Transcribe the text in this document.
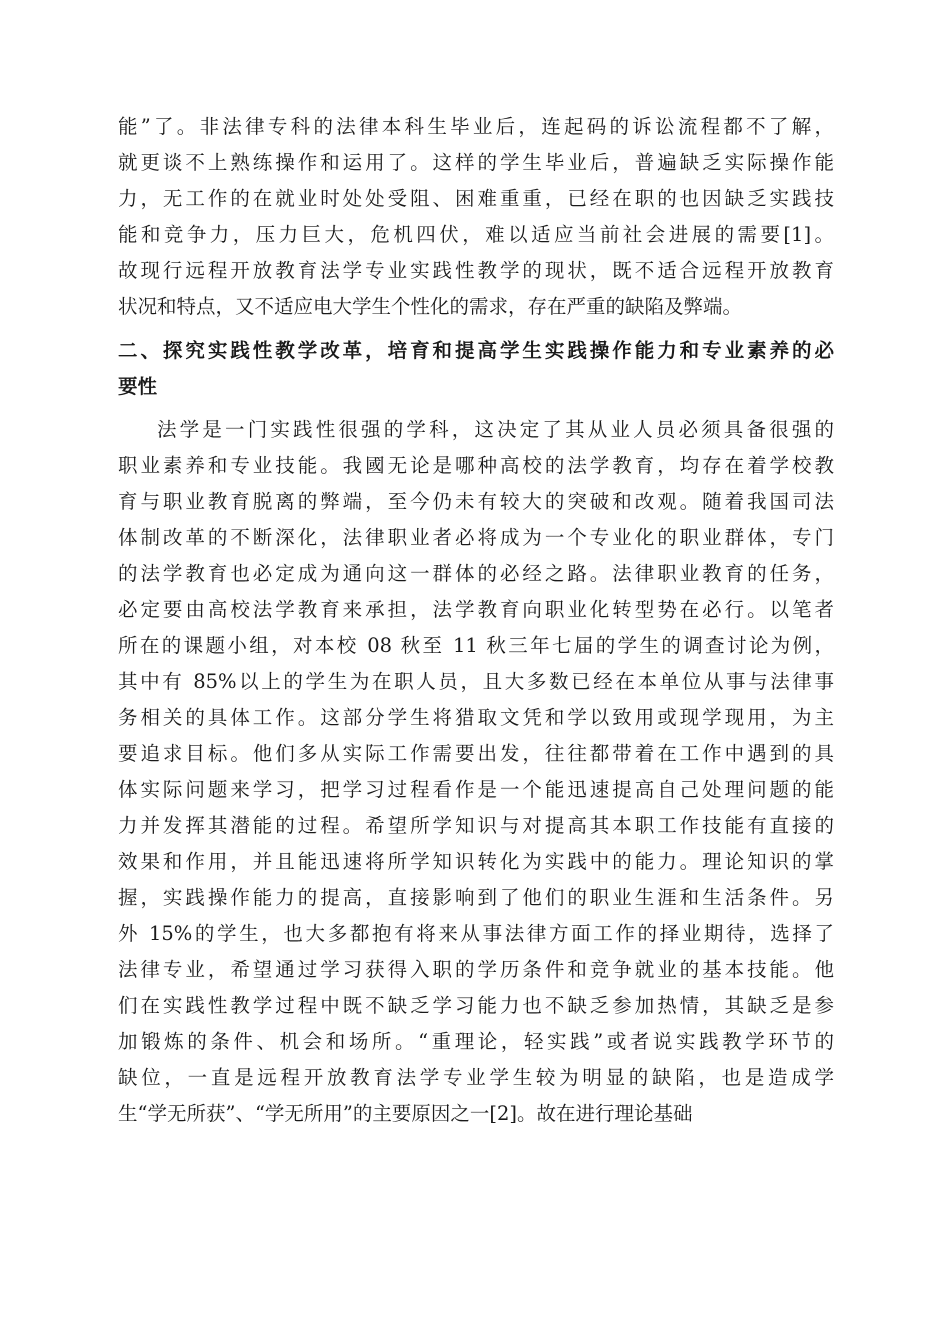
能”了。非法律专科的法律本科生毕业后，连起码的诉讼流程都不了解，
就更谈不上熟练操作和运用了。这样的学生毕业后，普遍缺乏实际操作能
力，无工作的在就业时处处受阻、困难重重，已经在职的也因缺乏实践技
能和竞争力，压力巨大，危机四伏，难以适应当前社会进展的需要[1]。
故现行远程开放教育法学专业实践性教学的现状，既不适合远程开放教育
状况和特点，又不适应电大学生个性化的需求，存在严重的缺陷及弊端。
二、探究实践性教学改革，培育和提高学生实践操作能力和专业素养的必
要性
法学是一门实践性很强的学科，这决定了其从业人员必须具备很强的
职业素养和专业技能。我國无论是哪种高校的法学教育，均存在着学校教
育与职业教育脱离的弊端，至今仍未有较大的突破和改观。随着我国司法
体制改革的不断深化，法律职业者必将成为一个专业化的职业群体，专门
的法学教育也必定成为通向这一群体的必经之路。法律职业教育的任务，
必定要由高校法学教育来承担，法学教育向职业化转型势在必行。以笔者
所在的课题小组，对本校 08 秋至 11 秋三年七届的学生的调查讨论为例，
其中有 85%以上的学生为在职人员，且大多数已经在本单位从事与法律事
务相关的具体工作。这部分学生将猎取文凭和学以致用或现学现用，为主
要追求目标。他们多从实际工作需要出发，往往都带着在工作中遇到的具
体实际问题来学习，把学习过程看作是一个能迅速提高自己处理问题的能
力并发挥其潜能的过程。希望所学知识与对提高其本职工作技能有直接的
效果和作用，并且能迅速将所学知识转化为实践中的能力。理论知识的掌
握，实践操作能力的提高，直接影响到了他们的职业生涯和生活条件。另
外 15%的学生，也大多都抱有将来从事法律方面工作的择业期待，选择了
法律专业，希望通过学习获得入职的学历条件和竞争就业的基本技能。他
们在实践性教学过程中既不缺乏学习能力也不缺乏参加热情，其缺乏是参
加锻炼的条件、机会和场所。“重理论，轻实践”或者说实践教学环节的
缺位，一直是远程开放教育法学专业学生较为明显的缺陷，也是造成学
生“学无所获”、“学无所用”的主要原因之一[2]。故在进行理论基础
